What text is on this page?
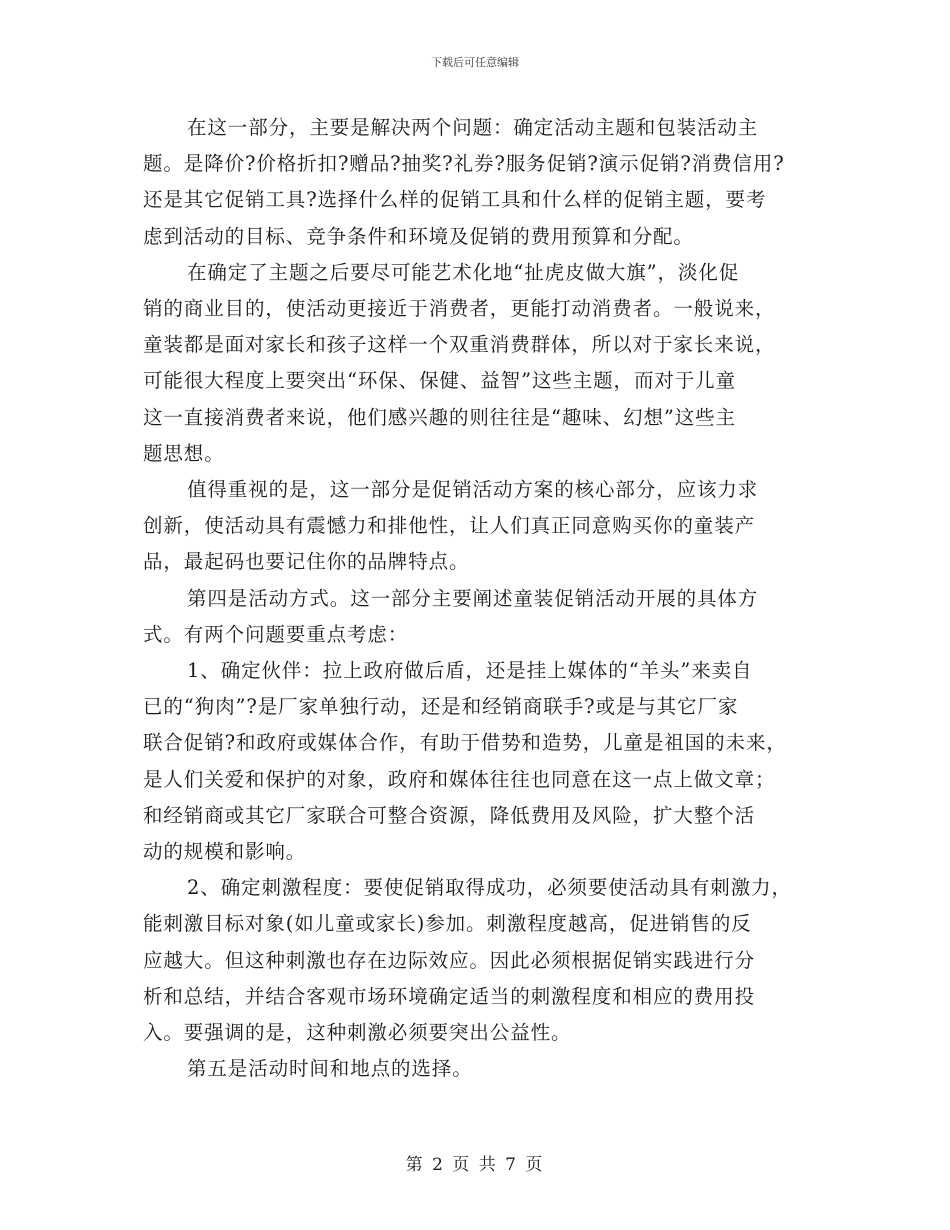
下载后可任意编辑
在这一部分，主要是解决两个问题：确定活动主题和包装活动主
题。是降价?价格折扣?赠品?抽奖?礼券?服务促销?演示促销?消费信用?
还是其它促销工具?选择什么样的促销工具和什么样的促销主题，要考
虑到活动的目标、竞争条件和环境及促销的费用预算和分配。
在确定了主题之后要尽可能艺术化地“扯虎皮做大旗”，淡化促
销的商业目的，使活动更接近于消费者，更能打动消费者。一般说来，
童装都是面对家长和孩子这样一个双重消费群体，所以对于家长来说，
可能很大程度上要突出“环保、保健、益智”这些主题，而对于儿童
这一直接消费者来说，他们感兴趣的则往往是“趣味、幻想”这些主
题思想。
值得重视的是，这一部分是促销活动方案的核心部分，应该力求
创新，使活动具有震憾力和排他性，让人们真正同意购买你的童装产
品，最起码也要记住你的品牌特点。
第四是活动方式。这一部分主要阐述童装促销活动开展的具体方
式。有两个问题要重点考虑：
1、确定伙伴：拉上政府做后盾，还是挂上媒体的“羊头”来卖自
已的“狗肉”?是厂家单独行动，还是和经销商联手?或是与其它厂家
联合促销?和政府或媒体合作，有助于借势和造势，儿童是祖国的未来，
是人们关爱和保护的对象，政府和媒体往往也同意在这一点上做文章；
和经销商或其它厂家联合可整合资源，降低费用及风险，扩大整个活
动的规模和影响。
2、确定刺激程度：要使促销取得成功，必须要使活动具有刺激力，
能刺激目标对象(如儿童或家长)参加。刺激程度越高，促进销售的反
应越大。但这种刺激也存在边际效应。因此必须根据促销实践进行分
析和总结，并结合客观市场环境确定适当的刺激程度和相应的费用投
入。要强调的是，这种刺激必须要突出公益性。
第五是活动时间和地点的选择。
第 2 页 共 7 页
